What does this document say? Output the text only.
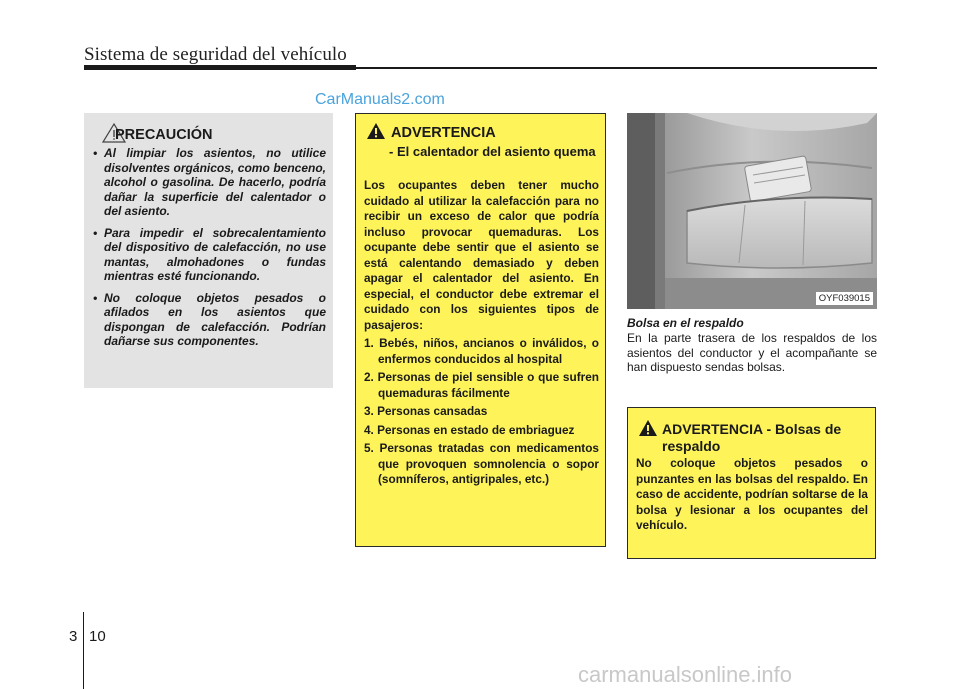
Sistema de seguridad del vehículo
CarManuals2.com
PRECAUCIÓN
• Al limpiar los asientos, no utilice disolventes orgánicos, como benceno, alcohol o gasolina. De hacerlo, podría dañar la superficie del calentador o del asiento.
• Para impedir el sobrecalentamiento del dispositivo de calefacción, no use mantas, almohadones o fundas mientras esté funcionando.
• No coloque objetos pesados o afilados en los asientos que dispongan de calefacción. Podrían dañarse sus componentes.
ADVERTENCIA
- El calentador del asiento quema
Los ocupantes deben tener mucho cuidado al utilizar la calefacción para no recibir un exceso de calor que podría incluso provocar quemaduras. Los ocupante debe sentir que el asiento se está calentando demasiado y deben apagar el calentador del asiento. En especial, el conductor debe extremar el cuidado con los siguientes tipos de pasajeros:
1. Bebés, niños, ancianos o inválidos, o enfermos conducidos al hospital
2. Personas de piel sensible o que sufren quemaduras fácilmente
3. Personas cansadas
4. Personas en estado de embriaguez
5. Personas tratadas con medicamentos que provoquen somnolencia o sopor (somníferos, antigripales, etc.)
OYF039015
Bolsa en el respaldo
En la parte trasera de los respaldos de los asientos del conductor y el acompañante se han dispuesto sendas bolsas.
ADVERTENCIA - Bolsas de respaldo
No coloque objetos pesados o punzantes en las bolsas del respaldo. En caso de accidente, podrían soltarse de la bolsa y lesionar a los ocupantes del vehículo.
3 10
carmanualsonline.info
